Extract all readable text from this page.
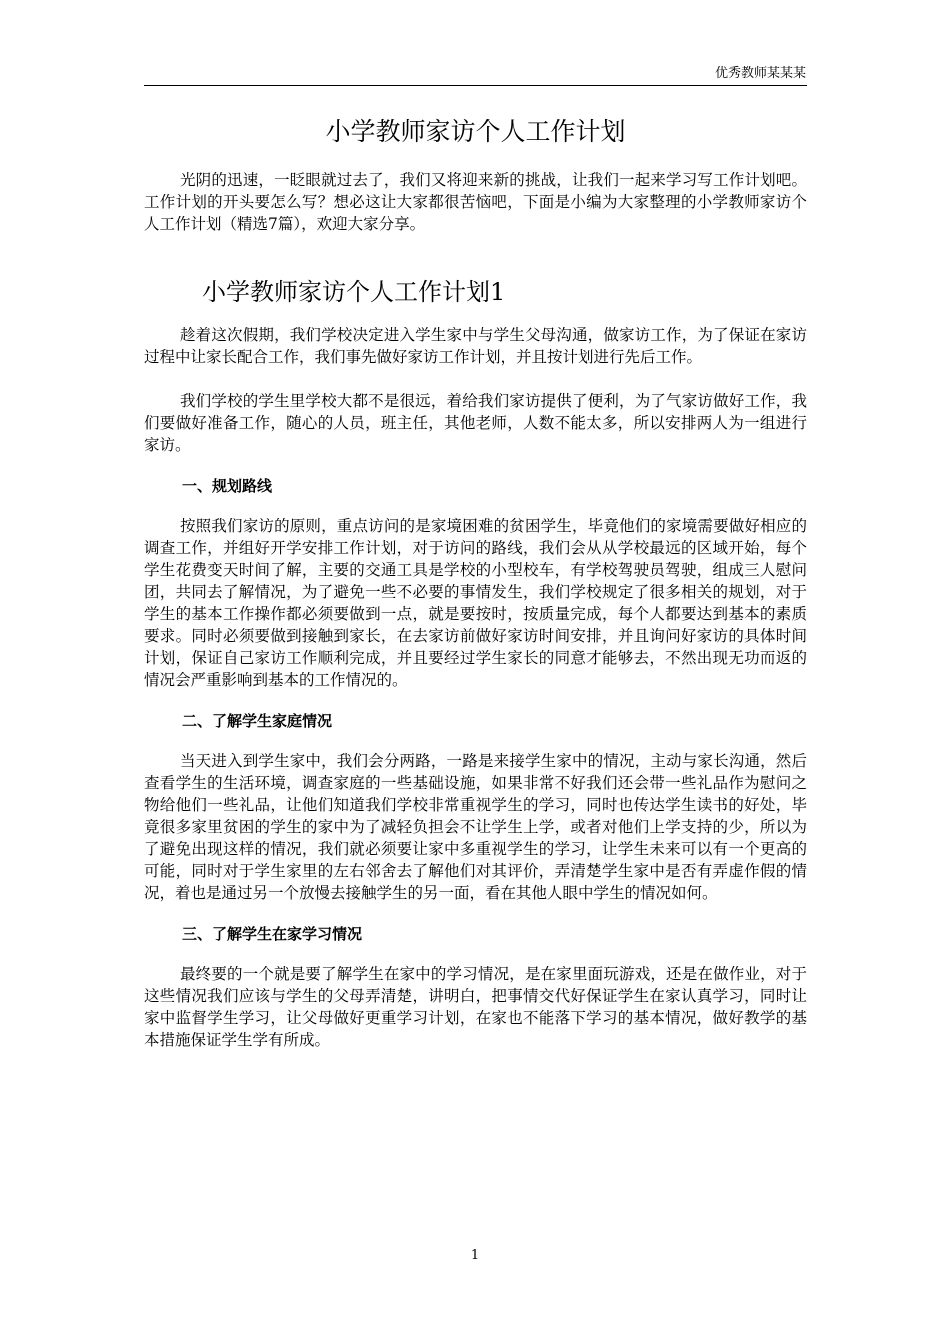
优秀教师某某某
小学教师家访个人工作计划

光阴的迅速，一眨眼就过去了，我们又将迎来新的挑战，让我们一起来学习写工作计划吧。工作计划的开头要怎么写？想必这让大家都很苦恼吧，下面是小编为大家整理的小学教师家访个人工作计划（精选7篇），欢迎大家分享。

小学教师家访个人工作计划1

趁着这次假期，我们学校决定进入学生家中与学生父母沟通，做家访工作，为了保证在家访过程中让家长配合工作，我们事先做好家访工作计划，并且按计划进行先后工作。

我们学校的学生里学校大都不是很远，着给我们家访提供了便利，为了气家访做好工作，我们要做好准备工作，随心的人员，班主任，其他老师，人数不能太多，所以安排两人为一组进行家访。

一、规划路线

按照我们家访的原则，重点访问的是家境困难的贫困学生，毕竟他们的家境需要做好相应的调查工作，并组好开学安排工作计划，对于访问的路线，我们会从从学校最远的区域开始，每个学生花费变天时间了解，主要的交通工具是学校的小型校车，有学校驾驶员驾驶，组成三人慰问团，共同去了解情况，为了避免一些不必要的事情发生，我们学校规定了很多相关的规划，对于学生的基本工作操作都必须要做到一点，就是要按时，按质量完成，每个人都要达到基本的素质要求。同时必须要做到接触到家长，在去家访前做好家访时间安排，并且询问好家访的具体时间计划，保证自己家访工作顺利完成，并且要经过学生家长的同意才能够去，不然出现无功而返的情况会严重影响到基本的工作情况的。

二、了解学生家庭情况

当天进入到学生家中，我们会分两路，一路是来接学生家中的情况，主动与家长沟通，然后查看学生的生活环境，调查家庭的一些基础设施，如果非常不好我们还会带一些礼品作为慰问之物给他们一些礼品，让他们知道我们学校非常重视学生的学习，同时也传达学生读书的好处，毕竟很多家里贫困的学生的家中为了减轻负担会不让学生上学，或者对他们上学支持的少，所以为了避免出现这样的情况，我们就必须要让家中多重视学生的学习，让学生未来可以有一个更高的可能，同时对于学生家里的左右邻舍去了解他们对其评价，弄清楚学生家中是否有弄虚作假的情况，着也是通过另一个放慢去接触学生的另一面，看在其他人眼中学生的情况如何。

三、了解学生在家学习情况

最终要的一个就是要了解学生在家中的学习情况，是在家里面玩游戏，还是在做作业，对于这些情况我们应该与学生的父母弄清楚，讲明白，把事情交代好保证学生在家认真学习，同时让家中监督学生学习，让父母做好更重学习计划，在家也不能落下学习的基本情况，做好教学的基本措施保证学生学有所成。

1
